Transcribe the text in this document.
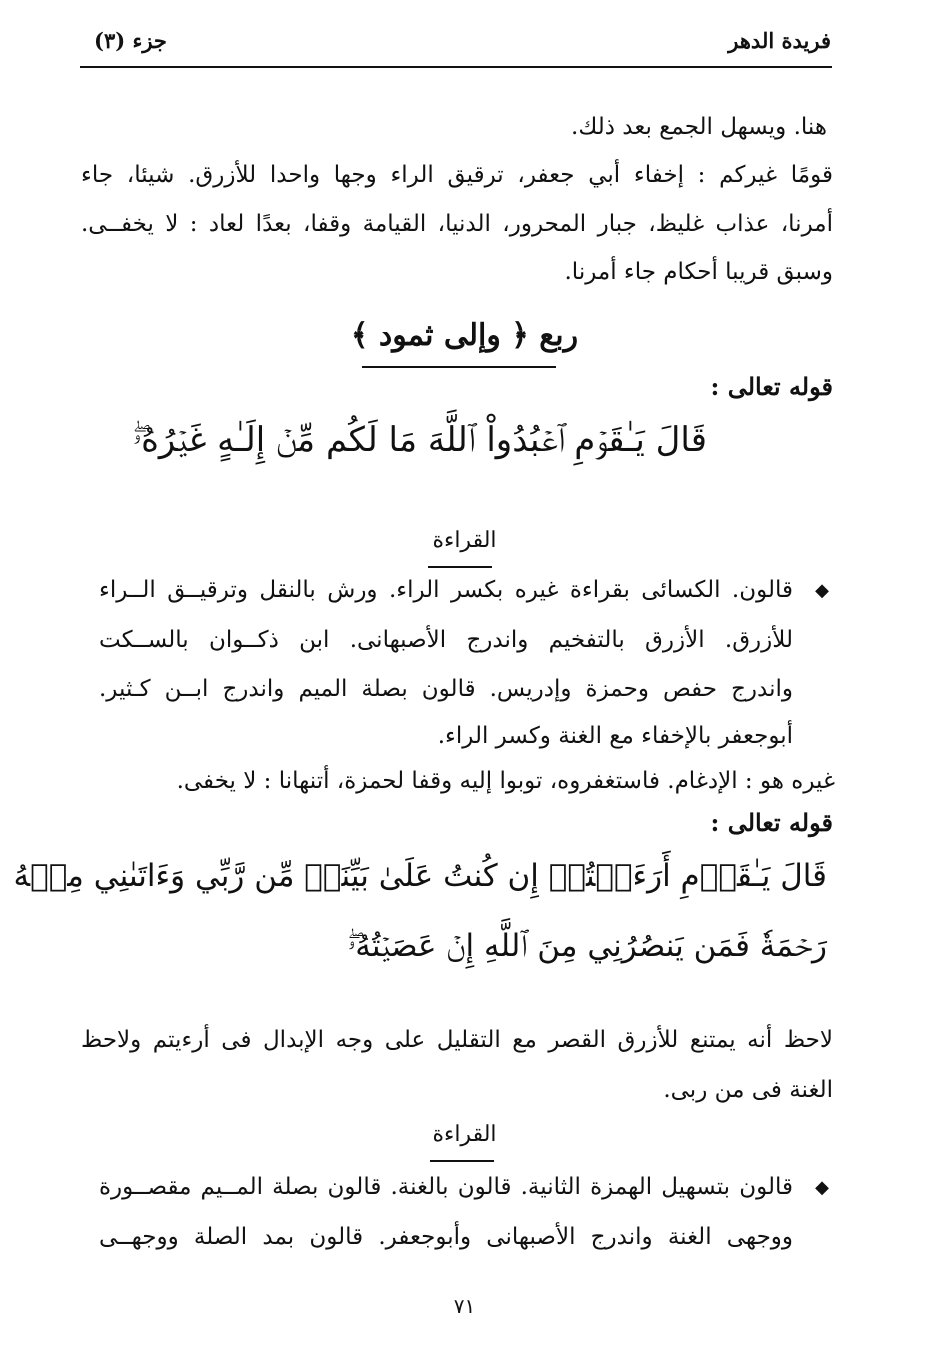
فريدة الدهر
جزء (٣)
هنا. ويسهل الجمع بعد ذلك.
قومًا غيركم : إخفاء أبي جعفر، ترقيق الراء وجها واحدا للأزرق. شيئا، جاء
أمرنا، عذاب غليظ، جبار المحرور، الدنيا، القيامة وقفا، بعدًا لعاد : لا يخفــى.
وسبق قريبا أحكام جاء أمرنا.
ربع ﴿ وإلى ثمود ﴾
قوله تعالى :
قَالَ يَـٰقَوۡمِ ٱعۡبُدُواْ ٱللَّهَ مَا لَكُم مِّنۡ إِلَـٰهٍ غَيۡرُهُۥۖ
القراءة
◆
قالون. الكسائى بقراءة غيره بكسر الراء. ورش بالنقل وترقيــق الــراء
للأزرق. الأزرق بالتفخيم واندرج الأصبهانى. ابن ذكــوان بالســكت
واندرج حفص وحمزة وإدريس. قالون بصلة الميم واندرج ابــن كـثير.
أبوجعفر بالإخفاء مع الغنة وكسر الراء.
غيره هو : الإدغام. فاستغفروه، توبوا إليه وقفا لحمزة، أتنهانا : لا يخفى.
قوله تعالى :
قَالَ يَـٰقَوۡمِ أَرَءَيۡتُمۡ إِن كُنتُ عَلَىٰ بَيِّنَةٖ مِّن رَّبِّي وَءَاتَىٰنِي مِنۡهُ
رَحۡمَةٗ فَمَن يَنصُرُنِي مِنَ ٱللَّهِ إِنۡ عَصَيۡتُهُۥۖ
لاحظ أنه يمتنع للأزرق القصر مع التقليل على وجه الإبدال فى أرءيتم ولاحظ
الغنة فى من ربى.
القراءة
◆
قالون بتسهيل الهمزة الثانية. قالون بالغنة. قالون بصلة المــيم مقصــورة
ووجهى الغنة واندرج الأصبهانى وأبوجعفر. قالون بمد الصلة ووجهــى
٧١
